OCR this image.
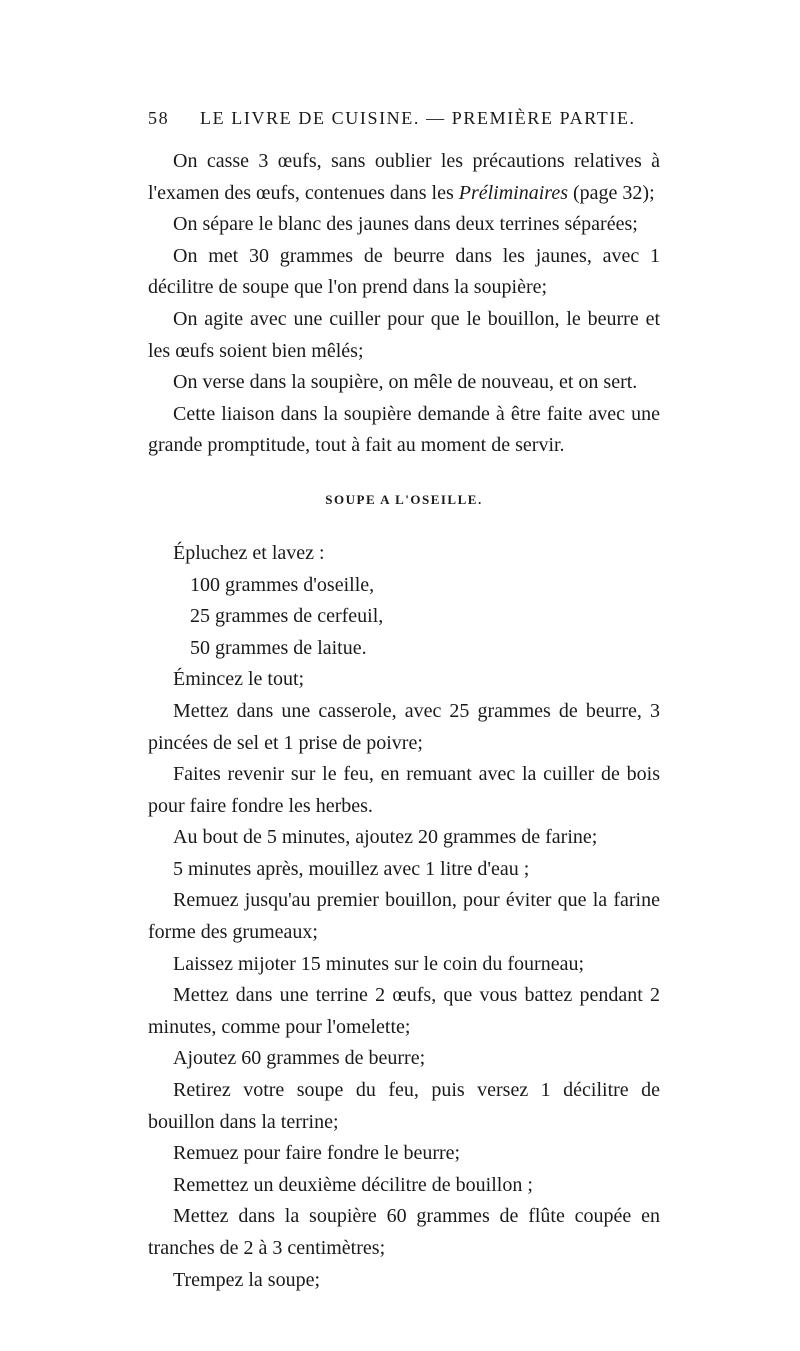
58 LE LIVRE DE CUISINE. — PREMIÈRE PARTIE.

On casse 3 œufs, sans oublier les précautions relatives à l'examen des œufs, contenues dans les Préliminaires (page 32);

On sépare le blanc des jaunes dans deux terrines séparées;

On met 30 grammes de beurre dans les jaunes, avec 1 décilitre de soupe que l'on prend dans la soupière;

On agite avec une cuiller pour que le bouillon, le beurre et les œufs soient bien mêlés;

On verse dans la soupière, on mêle de nouveau, et on sert.

Cette liaison dans la soupière demande à être faite avec une grande promptitude, tout à fait au moment de servir.

SOUPE A L'OSEILLE.

Épluchez et lavez :

100 grammes d'oseille,

25 grammes de cerfeuil,

50 grammes de laitue.

Émincez le tout;

Mettez dans une casserole, avec 25 grammes de beurre, 3 pincées de sel et 1 prise de poivre;

Faites revenir sur le feu, en remuant avec la cuiller de bois pour faire fondre les herbes.

Au bout de 5 minutes, ajoutez 20 grammes de farine;

5 minutes après, mouillez avec 1 litre d'eau ;

Remuez jusqu'au premier bouillon, pour éviter que la farine forme des grumeaux;

Laissez mijoter 15 minutes sur le coin du fourneau;

Mettez dans une terrine 2 œufs, que vous battez pendant 2 minutes, comme pour l'omelette;

Ajoutez 60 grammes de beurre;

Retirez votre soupe du feu, puis versez 1 décilitre de bouillon dans la terrine;

Remuez pour faire fondre le beurre;

Remettez un deuxième décilitre de bouillon ;

Mettez dans la soupière 60 grammes de flûte coupée en tranches de 2 à 3 centimètres;

Trempez la soupe;
